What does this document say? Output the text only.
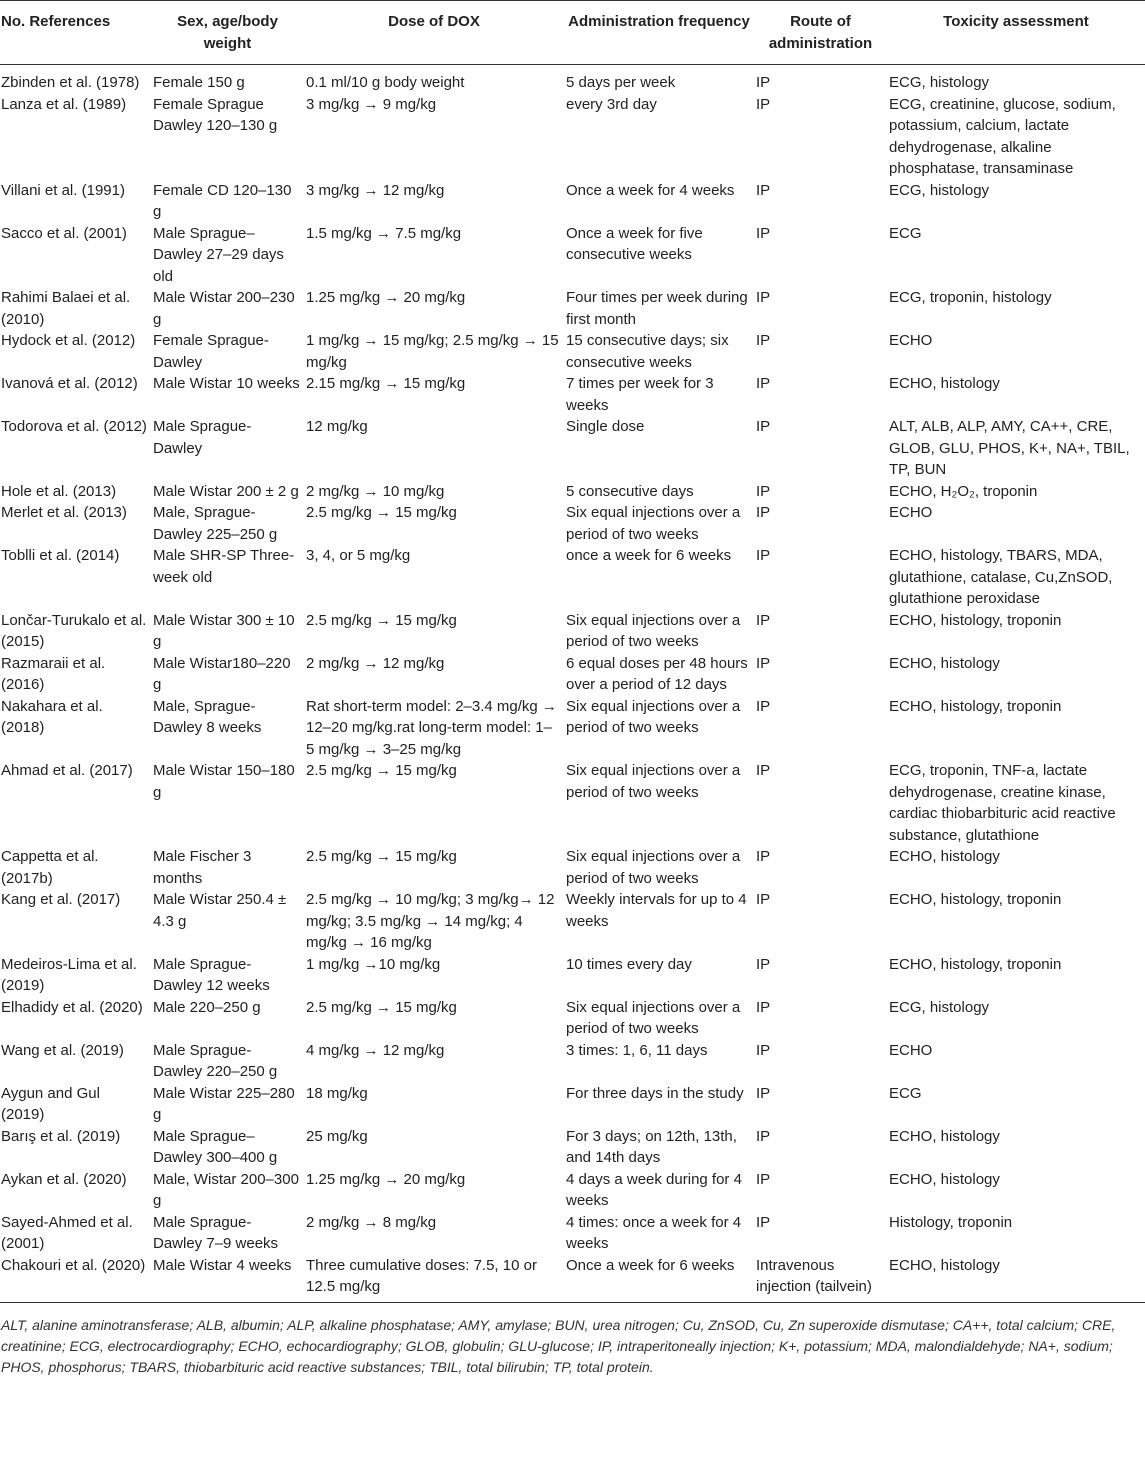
No. References	Sex, age/body weight	Dose of DOX	Administration frequency	Route of administration	Toxicity assessment
Zbinden et al. (1978)	Female 150 g	0.1 ml/10 g body weight	5 days per week	IP	ECG, histology
Lanza et al. (1989)	Female Sprague Dawley 120–130 g	3 mg/kg → 9 mg/kg	every 3rd day	IP	ECG, creatinine, glucose, sodium, potassium, calcium, lactate dehydrogenase, alkaline phosphatase, transaminase
Villani et al. (1991)	Female CD 120–130 g	3 mg/kg → 12 mg/kg	Once a week for 4 weeks	IP	ECG, histology
Sacco et al. (2001)	Male Sprague–Dawley 27–29 days old	1.5 mg/kg → 7.5 mg/kg	Once a week for five consecutive weeks	IP	ECG
Rahimi Balaei et al. (2010)	Male Wistar 200–230 g	1.25 mg/kg → 20 mg/kg	Four times per week during first month	IP	ECG, troponin, histology
Hydock et al. (2012)	Female Sprague-Dawley	1 mg/kg → 15 mg/kg; 2.5 mg/kg → 15 mg/kg	15 consecutive days; six consecutive weeks	IP	ECHO
Ivanová et al. (2012)	Male Wistar 10 weeks	2.15 mg/kg → 15 mg/kg	7 times per week for 3 weeks	IP	ECHO, histology
Todorova et al. (2012)	Male Sprague-Dawley	12 mg/kg	Single dose	IP	ALT, ALB, ALP, AMY, CA++, CRE, GLOB, GLU, PHOS, K+, NA+, TBIL, TP, BUN
Hole et al. (2013)	Male Wistar 200 ± 2 g	2 mg/kg → 10 mg/kg	5 consecutive days	IP	ECHO, H₂O₂, troponin
Merlet et al. (2013)	Male, Sprague-Dawley 225–250 g	2.5 mg/kg → 15 mg/kg	Six equal injections over a period of two weeks	IP	ECHO
Toblli et al. (2014)	Male SHR-SP Three-week old	3, 4, or 5 mg/kg	once a week for 6 weeks	IP	ECHO, histology, TBARS, MDA, glutathione, catalase, Cu,ZnSOD, glutathione peroxidase
Lončar-Turukalo et al. (2015)	Male Wistar 300 ± 10 g	2.5 mg/kg → 15 mg/kg	Six equal injections over a period of two weeks	IP	ECHO, histology, troponin
Razmaraii et al. (2016)	Male Wistar180–220 g	2 mg/kg → 12 mg/kg	6 equal doses per 48 hours over a period of 12 days	IP	ECHO, histology
Nakahara et al. (2018)	Male, Sprague-Dawley 8 weeks	Rat short-term model: 2–3.4 mg/kg → 12–20 mg/kg.rat long-term model: 1–5 mg/kg → 3–25 mg/kg	Six equal injections over a period of two weeks	IP	ECHO, histology, troponin
Ahmad et al. (2017)	Male Wistar 150–180 g	2.5 mg/kg → 15 mg/kg	Six equal injections over a period of two weeks	IP	ECG, troponin, TNF-a, lactate dehydrogenase, creatine kinase, cardiac thiobarbituric acid reactive substance, glutathione
Cappetta et al. (2017b)	Male Fischer 3 months	2.5 mg/kg → 15 mg/kg	Six equal injections over a period of two weeks	IP	ECHO, histology
Kang et al. (2017)	Male Wistar 250.4 ± 4.3 g	2.5 mg/kg → 10 mg/kg; 3 mg/kg→ 12 mg/kg; 3.5 mg/kg → 14 mg/kg; 4 mg/kg → 16 mg/kg	Weekly intervals for up to 4 weeks	IP	ECHO, histology, troponin
Medeiros-Lima et al. (2019)	Male Sprague-Dawley 12 weeks	1 mg/kg →10 mg/kg	10 times every day	IP	ECHO, histology, troponin
Elhadidy et al. (2020)	Male 220–250 g	2.5 mg/kg → 15 mg/kg	Six equal injections over a period of two weeks	IP	ECG, histology
Wang et al. (2019)	Male Sprague-Dawley 220–250 g	4 mg/kg → 12 mg/kg	3 times: 1, 6, 11 days	IP	ECHO
Aygun and Gul (2019)	Male Wistar 225–280 g	18 mg/kg	For three days in the study	IP	ECG
Barış et al. (2019)	Male Sprague–Dawley 300–400 g	25 mg/kg	For 3 days; on 12th, 13th, and 14th days	IP	ECHO, histology
Aykan et al. (2020)	Male, Wistar 200–300 g	1.25 mg/kg → 20 mg/kg	4 days a week during for 4 weeks	IP	ECHO, histology
Sayed-Ahmed et al. (2001)	Male Sprague-Dawley 7–9 weeks	2 mg/kg → 8 mg/kg	4 times: once a week for 4 weeks	IP	Histology, troponin
Chakouri et al. (2020)	Male Wistar 4 weeks	Three cumulative doses: 7.5, 10 or 12.5 mg/kg	Once a week for 6 weeks	Intravenous injection (tailvein)	ECHO, histology
ALT, alanine aminotransferase; ALB, albumin; ALP, alkaline phosphatase; AMY, amylase; BUN, urea nitrogen; Cu, ZnSOD, Cu, Zn superoxide dismutase; CA++, total calcium; CRE, creatinine; ECG, electrocardiography; ECHO, echocardiography; GLOB, globulin; GLU-glucose; IP, intraperitoneally injection; K+, potassium; MDA, malondialdehyde; NA+, sodium; PHOS, phosphorus; TBARS, thiobarbituric acid reactive substances; TBIL, total bilirubin; TP, total protein.
